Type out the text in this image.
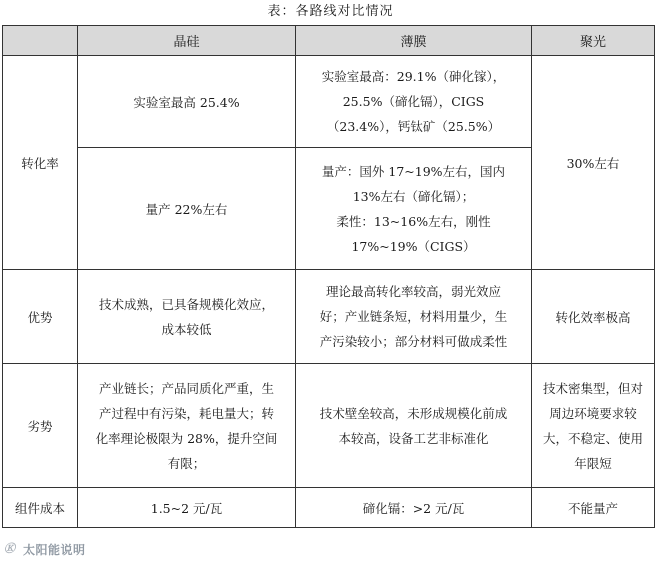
表：各路线对比情况
	晶硅	薄膜	聚光
转化率	实验室最高 25.4%	实验室最高：29.1%（砷化镓），
25.5%（碲化镉），CIGS
（23.4%），钙钛矿（25.5%）	30%左右
	量产 22%左右	量产：国外 17~19%左右，国内
13%左右（碲化镉）；
柔性：13~16%左右，刚性
17%~19%（CIGS）	

优势	技术成熟，已具备规模化效应，
成本较低	理论最高转化率较高，弱光效应
好；产业链条短，材料用量少，生
产污染较小；部分材料可做成柔性	转化效率极高
劣势	产业链长；产品同质化严重，生
产过程中有污染，耗电量大；转
化率理论极限为 28%，提升空间
有限；	技术壁垒较高，未形成规模化前成
本较高，设备工艺非标准化	技术密集型，但对
周边环境要求较
大，不稳定、使用
年限短

组件成本	1.5~2 元/瓦	碲化镉：>2 元/瓦	不能量产
Ⓚ 太阳能说明
